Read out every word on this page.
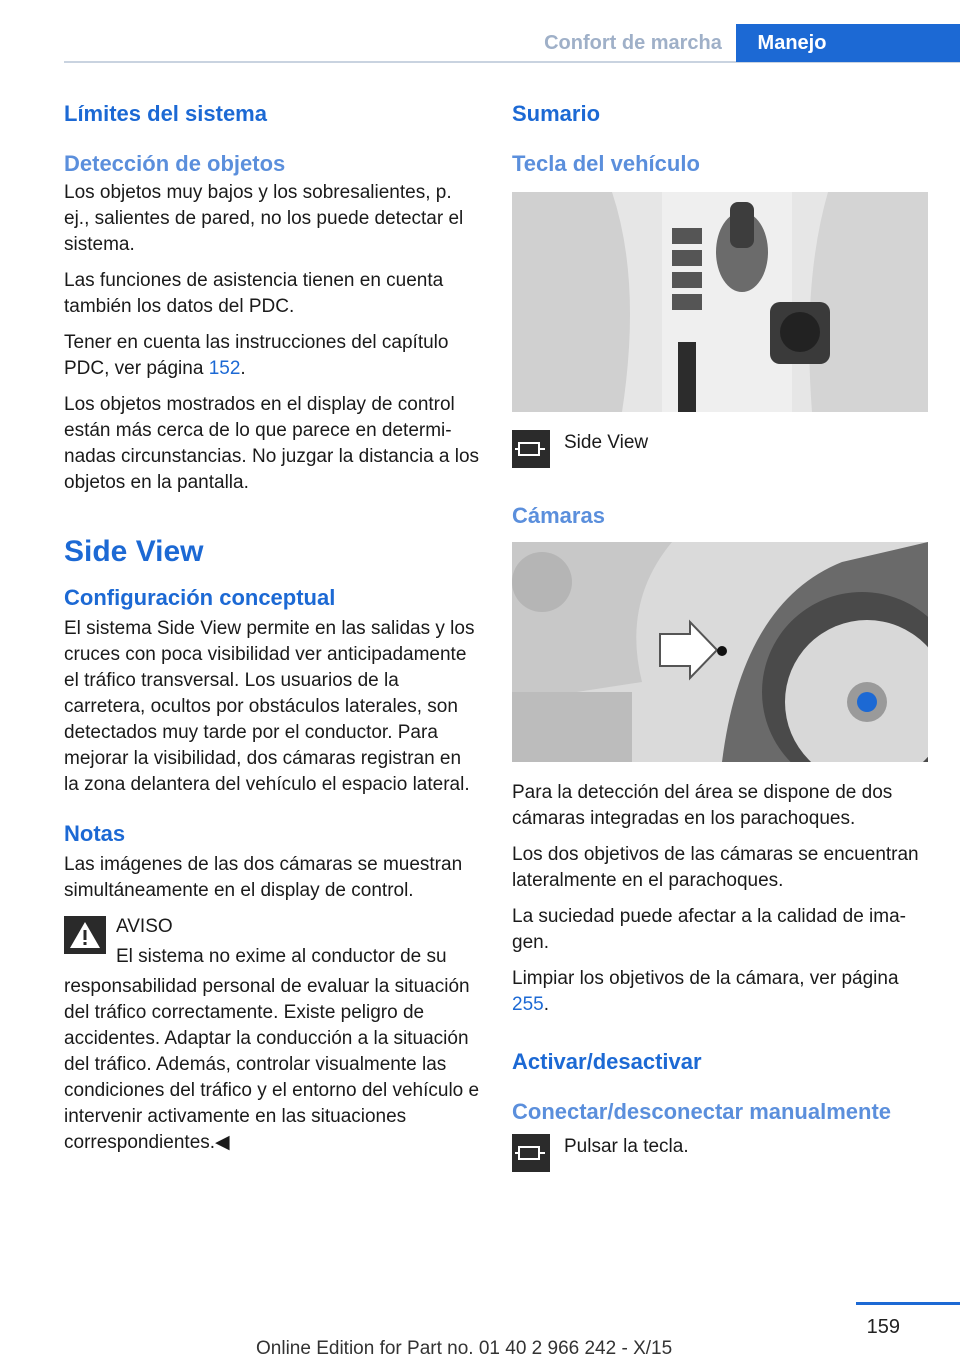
Confort de marcha	Manejo
Límites del sistema
Detección de objetos

Los objetos muy bajos y los sobresalientes, p. ej., salientes de pared, no los puede detectar el sistema.

Las funciones de asistencia tienen en cuenta también los datos del PDC.

Tener en cuenta las instrucciones del capítulo PDC, ver página 152.

Los objetos mostrados en el display de control están más cerca de lo que parece en determinadas circunstancias. No juzgar la distancia a los objetos en la pantalla.

Side View
Configuración conceptual

El sistema Side View permite en las salidas y los cruces con poca visibilidad ver anticipadamente el tráfico transversal. Los usuarios de la carretera, ocultos por obstáculos laterales, son detectados muy tarde por el conductor. Para mejorar la visibilidad, dos cámaras registran en la zona delantera del vehículo el espacio lateral.

Notas

Las imágenes de las dos cámaras se muestran simultáneamente en el display de control.

AVISO

El sistema no exime al conductor de su

responsabilidad personal de evaluar la situación del tráfico correctamente. Existe peligro de accidentes. Adaptar la conducción a la situación del tráfico. Además, controlar visualmente las condiciones del tráfico y el entorno del vehículo e intervenir activamente en las situaciones correspondientes.◀

Sumario
Tecla del vehículo
Side View
Cámaras

Para la detección del área se dispone de dos cámaras integradas en los parachoques.

Los dos objetivos de las cámaras se encuentran lateralmente en el parachoques.

La suciedad puede afectar a la calidad de imagen.

Limpiar los objetivos de la cámara, ver página 255.

Activar/desactivar
Conectar/desconectar manualmente
Pulsar la tecla.
159
Online Edition for Part no. 01 40 2 966 242 - X/15
